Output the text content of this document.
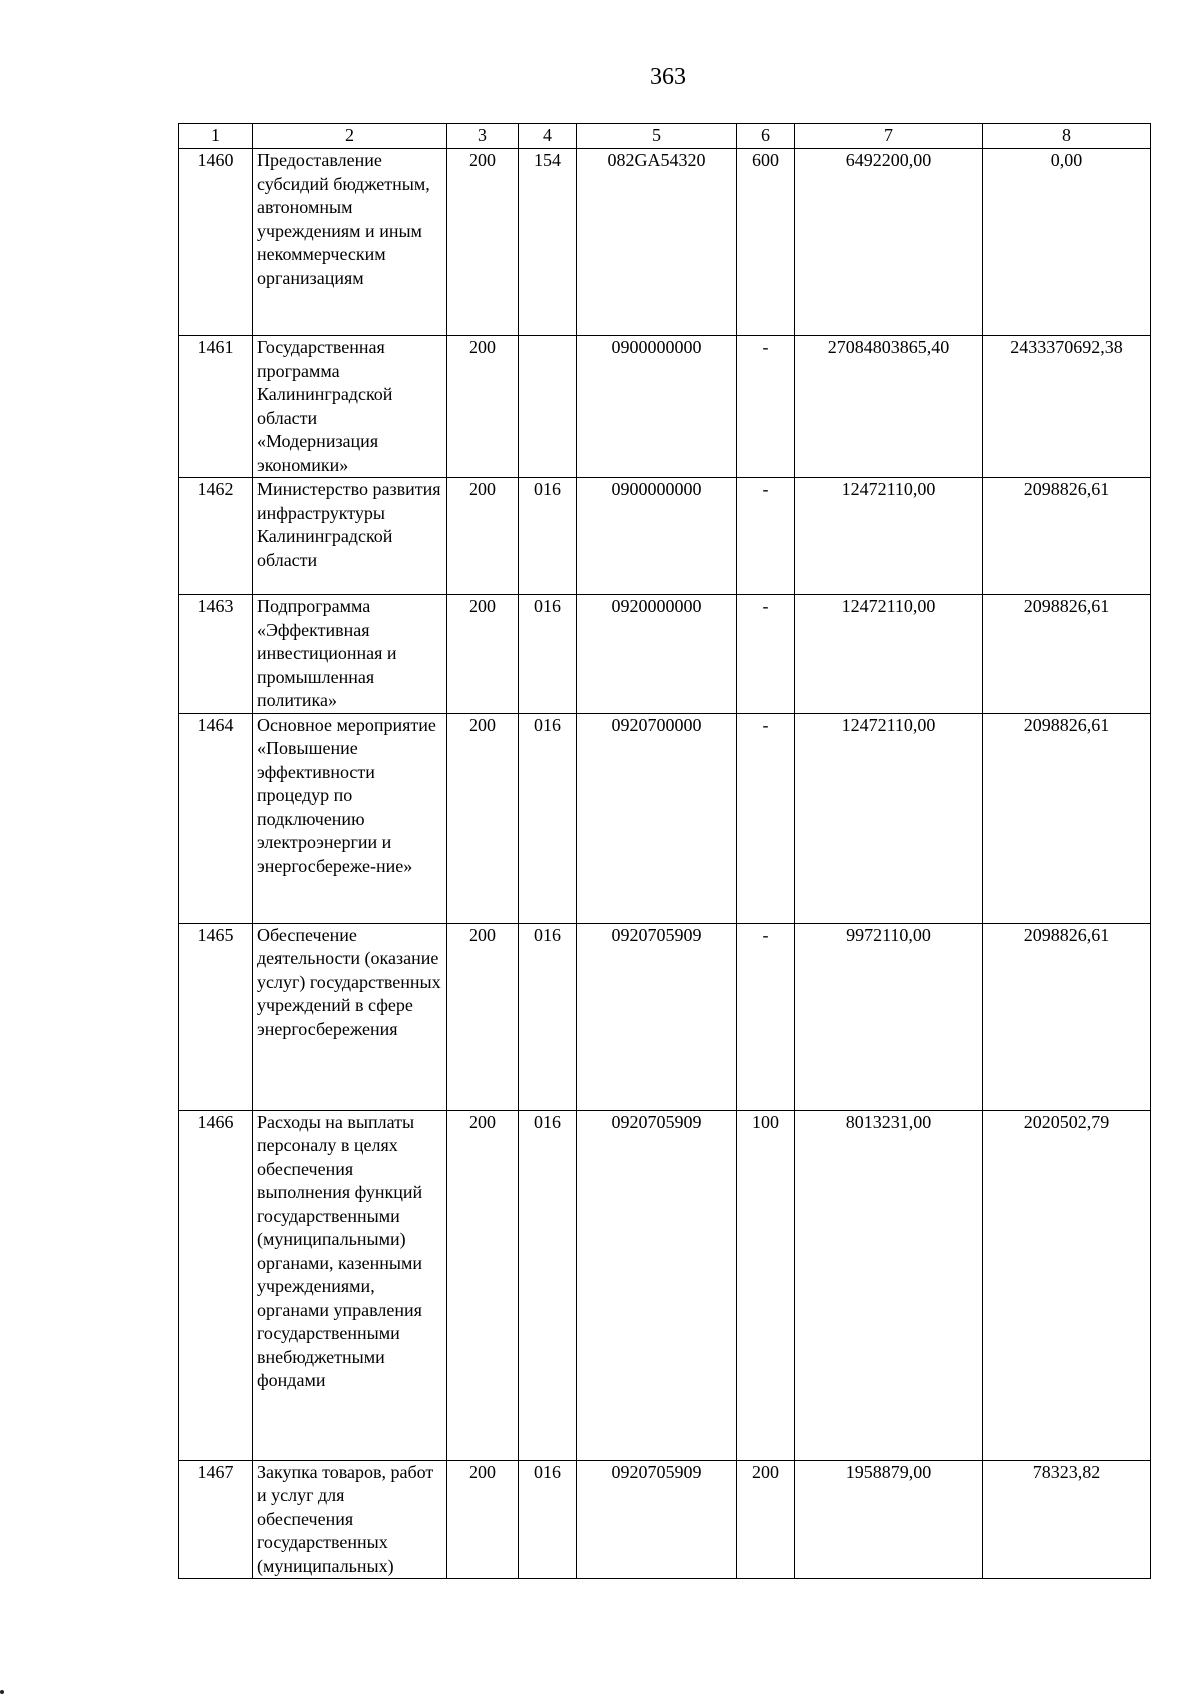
363
1	2	3	4	5	6	7	8
1460	Предоставление субсидий бюджетным, автономным учреждениям и иным некоммерческим организациям	200	154	082GA54320	600	6492200,00	0,00
1461	Государственная программа Калининградской области «Модернизация экономики»	200		0900000000	-	27084803865,40	2433370692,38
1462	Министерство развития инфраструктуры Калининградской области	200	016	0900000000	-	12472110,00	2098826,61
1463	Подпрограмма «Эффективная инвестиционная и промышленная политика»	200	016	0920000000	-	12472110,00	2098826,61
1464	Основное мероприятие «Повышение эффективности процедур по подключению электроэнергии и энергосбереже-ние»	200	016	0920700000	-	12472110,00	2098826,61
1465	Обеспечение деятельности (оказание услуг) государственных учреждений в сфере энергосбережения	200	016	0920705909	-	9972110,00	2098826,61
1466	Расходы на выплаты персоналу в целях обеспечения выполнения функций государственными (муниципальными) органами, казенными учреждениями, органами управления государственными внебюджетными фондами	200	016	0920705909	100	8013231,00	2020502,79
1467	Закупка товаров, работ и услуг для обеспечения государственных (муниципальных)	200	016	0920705909	200	1958879,00	78323,82
